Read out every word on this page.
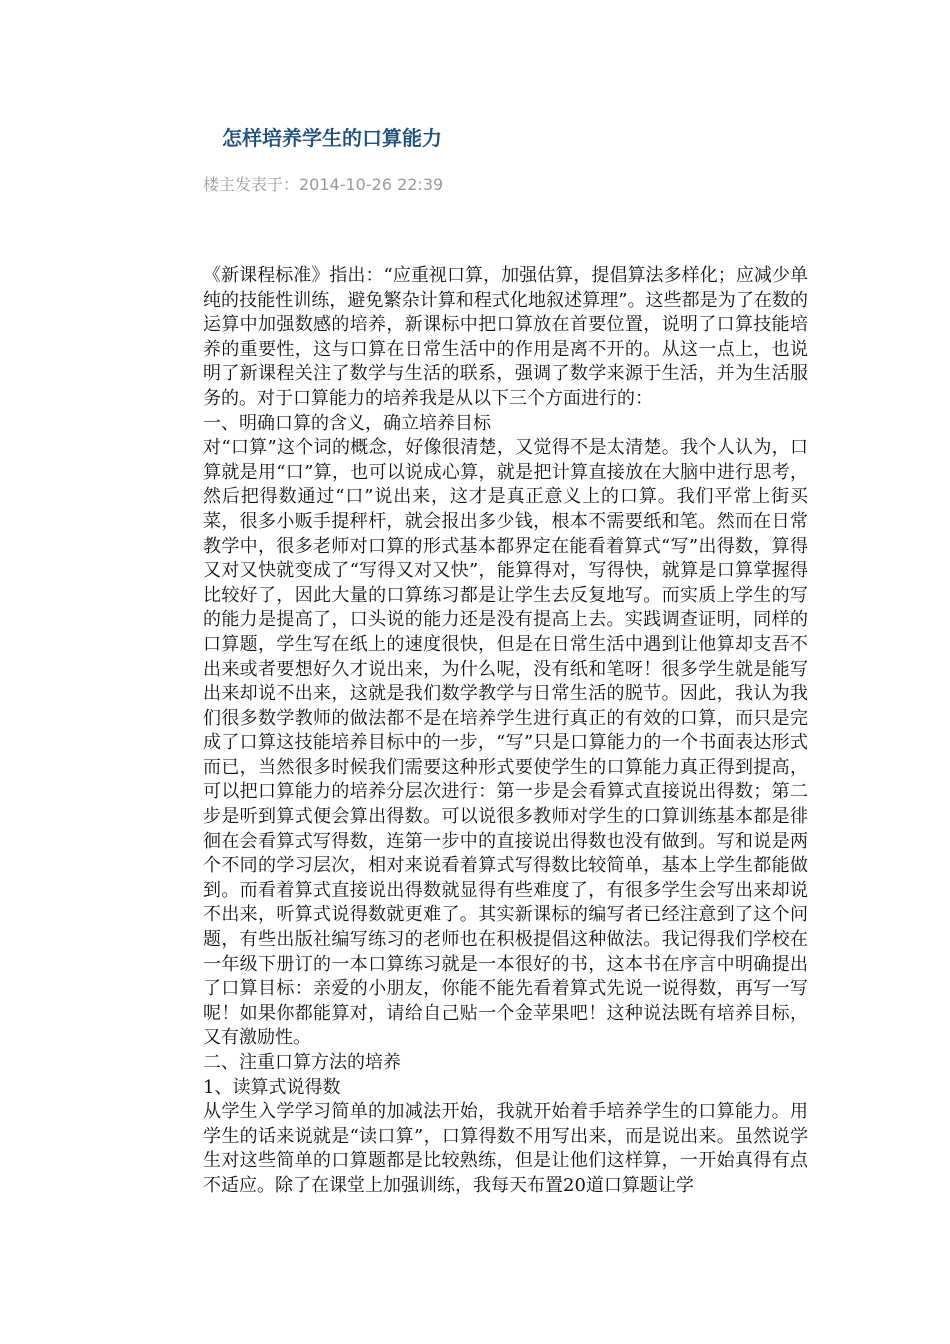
怎样培养学生的口算能力
楼主发表于：2014-10-26 22:39

《新课程标准》指出：“应重视口算，加强估算，提倡算法多样化；应减少单纯的技能性训练，避免繁杂计算和程式化地叙述算理”。这些都是为了在数的运算中加强数感的培养，新课标中把口算放在首要位置，说明了口算技能培养的重要性，这与口算在日常生活中的作用是离不开的。从这一点上，也说明了新课程关注了数学与生活的联系，强调了数学来源于生活，并为生活服务的。对于口算能力的培养我是从以下三个方面进行的：

一、明确口算的含义，确立培养目标

对“口算”这个词的概念，好像很清楚，又觉得不是太清楚。我个人认为，口算就是用“口”算，也可以说成心算，就是把计算直接放在大脑中进行思考，然后把得数通过“口”说出来，这才是真正意义上的口算。我们平常上街买菜，很多小贩手提秤杆，就会报出多少钱，根本不需要纸和笔。然而在日常教学中，很多老师对口算的形式基本都界定在能看着算式“写”出得数，算得又对又快就变成了“写得又对又快”，能算得对，写得快，就算是口算掌握得比较好了，因此大量的口算练习都是让学生去反复地写。而实质上学生的写的能力是提高了，口头说的能力还是没有提高上去。实践调查证明，同样的口算题，学生写在纸上的速度很快，但是在日常生活中遇到让他算却支吾不出来或者要想好久才说出来，为什么呢，没有纸和笔呀！很多学生就是能写出来却说不出来，这就是我们数学教学与日常生活的脱节。因此，我认为我们很多数学教师的做法都不是在培养学生进行真正的有效的口算，而只是完成了口算这技能培养目标中的一步，“写”只是口算能力的一个书面表达形式而已，当然很多时候我们需要这种形式要使学生的口算能力真正得到提高，可以把口算能力的培养分层次进行：第一步是会看算式直接说出得数；第二步是听到算式便会算出得数。可以说很多教师对学生的口算训练基本都是徘徊在会看算式写得数，连第一步中的直接说出得数也没有做到。写和说是两个不同的学习层次，相对来说看着算式写得数比较简单，基本上学生都能做到。而看着算式直接说出得数就显得有些难度了，有很多学生会写出来却说不出来，听算式说得数就更难了。其实新课标的编写者已经注意到了这个问题，有些出版社编写练习的老师也在积极提倡这种做法。我记得我们学校在一年级下册订的一本口算练习就是一本很好的书，这本书在序言中明确提出了口算目标：亲爱的小朋友，你能不能先看着算式先说一说得数，再写一写呢！如果你都能算对，请给自己贴一个金苹果吧！这种说法既有培养目标，又有激励性。

二、注重口算方法的培养

1、读算式说得数

从学生入学学习简单的加减法开始，我就开始着手培养学生的口算能力。用学生的话来说就是“读口算”，口算得数不用写出来，而是说出来。虽然说学生对这些简单的口算题都是比较熟练，但是让他们这样算，一开始真得有点不适应。除了在课堂上加强训练，我每天布置20道口算题让学
